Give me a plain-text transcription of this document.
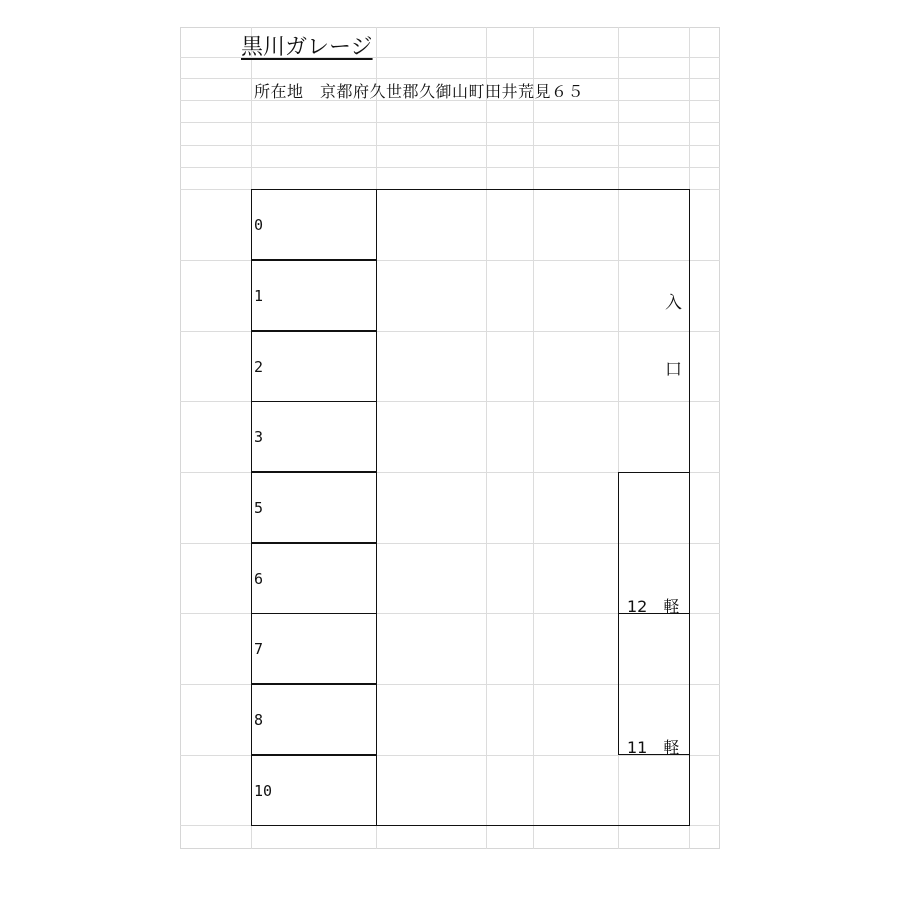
黒川ガレージ
所在地　京都府久世郡久御山町田井荒見６５
0
1
2
3
5
6
7
8
10
入
口
12　軽
11　軽
